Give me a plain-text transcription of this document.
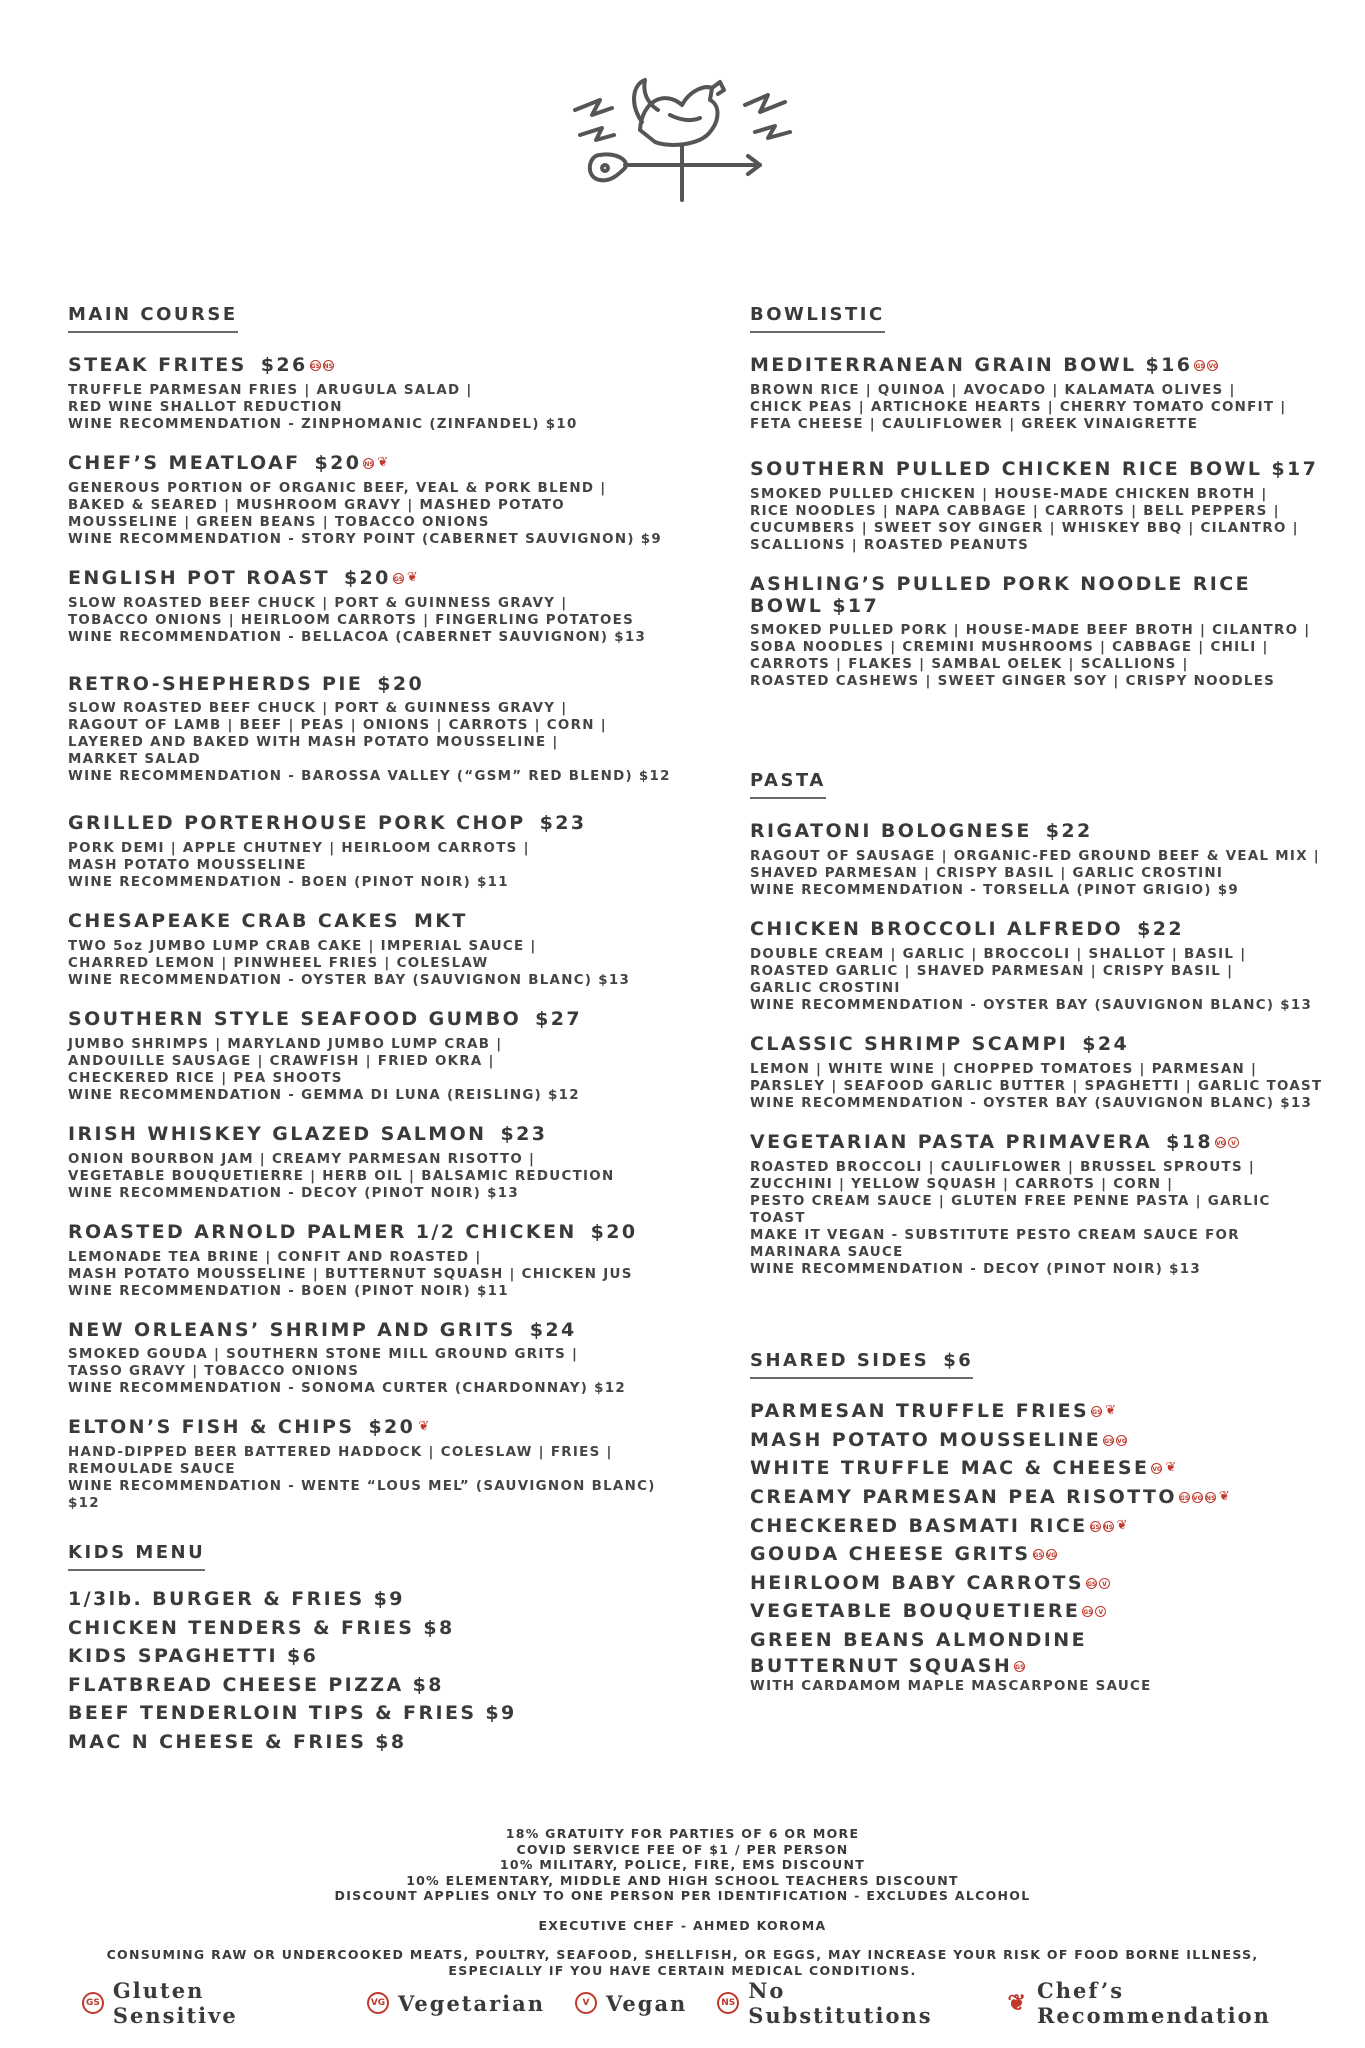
MAIN COURSE
STEAK FRITES $26 GS NS
TRUFFLE PARMESAN FRIES | ARUGULA SALAD |
RED WINE SHALLOT REDUCTION
WINE RECOMMENDATION - ZINPHOMANIC (ZINFANDEL) $10
CHEF’S MEATLOAF $20 NS ❦
GENEROUS PORTION OF ORGANIC BEEF, VEAL & PORK BLEND |
BAKED & SEARED | MUSHROOM GRAVY | MASHED POTATO
MOUSSELINE | GREEN BEANS | TOBACCO ONIONS
WINE RECOMMENDATION - STORY POINT (CABERNET SAUVIGNON) $9
ENGLISH POT ROAST $20 GS ❦
SLOW ROASTED BEEF CHUCK | PORT & GUINNESS GRAVY |
TOBACCO ONIONS | HEIRLOOM CARROTS | FINGERLING POTATOES
WINE RECOMMENDATION - BELLACOA (CABERNET SAUVIGNON) $13
RETRO-SHEPHERDS PIE $20
SLOW ROASTED BEEF CHUCK | PORT & GUINNESS GRAVY |
RAGOUT OF LAMB | BEEF | PEAS | ONIONS | CARROTS | CORN |
LAYERED AND BAKED WITH MASH POTATO MOUSSELINE |
MARKET SALAD
WINE RECOMMENDATION - BAROSSA VALLEY (“GSM” RED BLEND) $12
GRILLED PORTERHOUSE PORK CHOP $23
PORK DEMI | APPLE CHUTNEY | HEIRLOOM CARROTS |
MASH POTATO MOUSSELINE
WINE RECOMMENDATION - BOEN (PINOT NOIR) $11
CHESAPEAKE CRAB CAKES MKT
TWO 5oz JUMBO LUMP CRAB CAKE | IMPERIAL SAUCE |
CHARRED LEMON | PINWHEEL FRIES | COLESLAW
WINE RECOMMENDATION - OYSTER BAY (SAUVIGNON BLANC) $13
SOUTHERN STYLE SEAFOOD GUMBO $27
JUMBO SHRIMPS | MARYLAND JUMBO LUMP CRAB |
ANDOUILLE SAUSAGE | CRAWFISH | FRIED OKRA |
CHECKERED RICE | PEA SHOOTS
WINE RECOMMENDATION - GEMMA DI LUNA (REISLING) $12
IRISH WHISKEY GLAZED SALMON $23
ONION BOURBON JAM | CREAMY PARMESAN RISOTTO |
VEGETABLE BOUQUETIERRE | HERB OIL | BALSAMIC REDUCTION
WINE RECOMMENDATION - DECOY (PINOT NOIR) $13
ROASTED ARNOLD PALMER 1/2 CHICKEN $20
LEMONADE TEA BRINE | CONFIT AND ROASTED |
MASH POTATO MOUSSELINE | BUTTERNUT SQUASH | CHICKEN JUS
WINE RECOMMENDATION - BOEN (PINOT NOIR) $11
NEW ORLEANS’ SHRIMP AND GRITS $24
SMOKED GOUDA | SOUTHERN STONE MILL GROUND GRITS |
TASSO GRAVY | TOBACCO ONIONS
WINE RECOMMENDATION - SONOMA CURTER (CHARDONNAY) $12
ELTON’S FISH & CHIPS $20 ❦
HAND-DIPPED BEER BATTERED HADDOCK | COLESLAW | FRIES |
REMOULADE SAUCE
WINE RECOMMENDATION - WENTE “LOUS MEL” (SAUVIGNON BLANC) $12
KIDS MENU
1/3lb. BURGER & FRIES $9
CHICKEN TENDERS & FRIES $8
KIDS SPAGHETTI $6
FLATBREAD CHEESE PIZZA $8
BEEF TENDERLOIN TIPS & FRIES $9
MAC N CHEESE & FRIES $8
BOWLISTIC
MEDITERRANEAN GRAIN BOWL $16 GS VG
BROWN RICE | QUINOA | AVOCADO | KALAMATA OLIVES |
CHICK PEAS | ARTICHOKE HEARTS | CHERRY TOMATO CONFIT |
FETA CHEESE | CAULIFLOWER | GREEK VINAIGRETTE
SOUTHERN PULLED CHICKEN RICE BOWL $17
SMOKED PULLED CHICKEN | HOUSE-MADE CHICKEN BROTH |
RICE NOODLES | NAPA CABBAGE | CARROTS | BELL PEPPERS |
CUCUMBERS | SWEET SOY GINGER | WHISKEY BBQ | CILANTRO |
SCALLIONS | ROASTED PEANUTS
ASHLING’S PULLED PORK NOODLE RICE BOWL $17
SMOKED PULLED PORK | HOUSE-MADE BEEF BROTH | CILANTRO |
SOBA NOODLES | CREMINI MUSHROOMS | CABBAGE | CHILI |
CARROTS | FLAKES | SAMBAL OELEK | SCALLIONS |
ROASTED CASHEWS | SWEET GINGER SOY | CRISPY NOODLES
PASTA
RIGATONI BOLOGNESE $22
RAGOUT OF SAUSAGE | ORGANIC-FED GROUND BEEF & VEAL MIX |
SHAVED PARMESAN | CRISPY BASIL | GARLIC CROSTINI
WINE RECOMMENDATION - TORSELLA (PINOT GRIGIO) $9
CHICKEN BROCCOLI ALFREDO $22
DOUBLE CREAM | GARLIC | BROCCOLI | SHALLOT | BASIL |
ROASTED GARLIC | SHAVED PARMESAN | CRISPY BASIL |
GARLIC CROSTINI
WINE RECOMMENDATION - OYSTER BAY (SAUVIGNON BLANC) $13
CLASSIC SHRIMP SCAMPI $24
LEMON | WHITE WINE | CHOPPED TOMATOES | PARMESAN |
PARSLEY | SEAFOOD GARLIC BUTTER | SPAGHETTI | GARLIC TOAST
WINE RECOMMENDATION - OYSTER BAY (SAUVIGNON BLANC) $13
VEGETARIAN PASTA PRIMAVERA $18 VG V
ROASTED BROCCOLI | CAULIFLOWER | BRUSSEL SPROUTS |
ZUCCHINI | YELLOW SQUASH | CARROTS | CORN |
PESTO CREAM SAUCE | GLUTEN FREE PENNE PASTA | GARLIC TOAST
MAKE IT VEGAN - SUBSTITUTE PESTO CREAM SAUCE FOR
MARINARA SAUCE
WINE RECOMMENDATION - DECOY (PINOT NOIR) $13
SHARED SIDES $6
PARMESAN TRUFFLE FRIES GS ❦
MASH POTATO MOUSSELINE GS VG
WHITE TRUFFLE MAC & CHEESE VG ❦
CREAMY PARMESAN PEA RISOTTO GS VG NS ❦
CHECKERED BASMATI RICE GS NS ❦
GOUDA CHEESE GRITS GS VG
HEIRLOOM BABY CARROTS GS V
VEGETABLE BOUQUETIERE GS V
GREEN BEANS ALMONDINE
BUTTERNUT SQUASH GS
WITH CARDAMOM MAPLE MASCARPONE SAUCE

18% GRATUITY FOR PARTIES OF 6 OR MORE

COVID SERVICE FEE OF $1 / PER PERSON

10% MILITARY, POLICE, FIRE, EMS DISCOUNT

10% ELEMENTARY, MIDDLE AND HIGH SCHOOL TEACHERS DISCOUNT

DISCOUNT APPLIES ONLY TO ONE PERSON PER IDENTIFICATION - EXCLUDES ALCOHOL

EXECUTIVE CHEF - AHMED KOROMA

CONSUMING RAW OR UNDERCOOKED MEATS, POULTRY, SEAFOOD, SHELLFISH, OR EGGS, MAY INCREASE YOUR RISK OF FOOD BORNE ILLNESS,

ESPECIALLY IF YOU HAVE CERTAIN MEDICAL CONDITIONS.

GS Gluten Sensitive	VG Vegetarian	V Vegan	NS No Substitutions	❦ Chef’s Recommendation
